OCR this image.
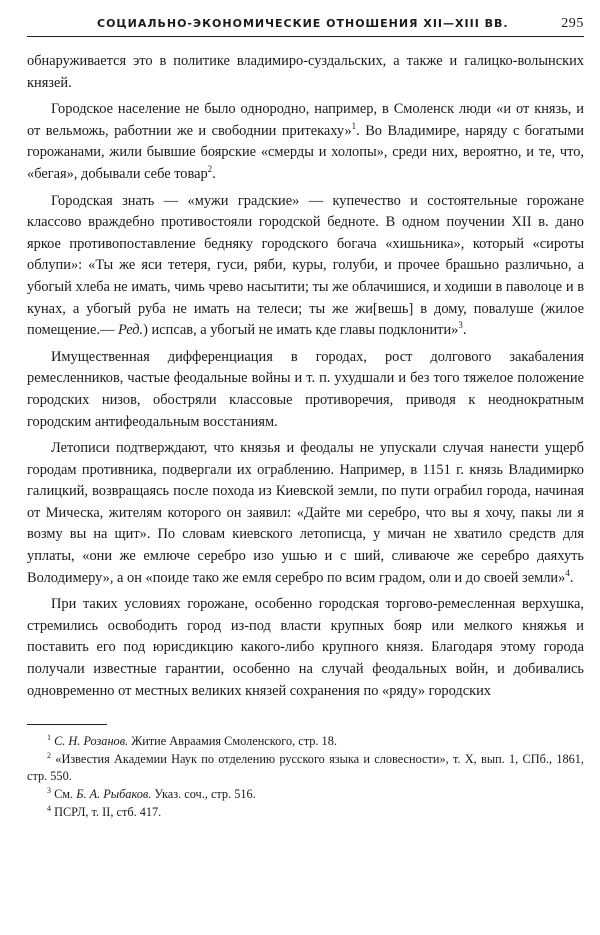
СОЦИАЛЬНО-ЭКОНОМИЧЕСКИЕ ОТНОШЕНИЯ XII—XIII ВВ.	295

обнаруживается это в политике владимиро-суздальских, а также и галицко-волынских князей.

Городское население не было однородно, например, в Смоленск люди «и от князь, и от вельможь, работнии же и свободнии притекаху»$^1$. Во Владимире, наряду с богатыми горожанами, жили бывшие боярские «смерды и холопы», среди них, вероятно, и те, что, «бегая», добывали себе товар$^2$.

Городская знать — «мужи градские» — купечество и состоятельные горожане классово враждебно противостояли городской бедноте. В одном поучении XII в. дано яркое противопоставление бедняку городского богача «хишьника», который «сироты облупи»: «Ты же яси тетеря, гуси, ряби, куры, голуби, и прочее брашьно различьно, а убогый хлеба не имать, чимь чрево насытити; ты же облачишися, и ходиши в паволоце и в кунах, а убогый руба не имать на телеси; ты же жи[вешь] в дому, повалуше (жилое помещение.— Ред.) испсав, а убогый не имать кде главы подклонити»$^3$.

Имущественная дифференциация в городах, рост долгового закабаления ремесленников, частые феодальные войны и т. п. ухудшали и без того тяжелое положение городских низов, обостряли классовые противоречия, приводя к неоднократным городским антифеодальным восстаниям.

Летописи подтверждают, что князья и феодалы не упускали случая нанести ущерб городам противника, подвергали их ограблению. Например, в 1151 г. князь Владимирко галицкий, возвращаясь после похода из Киевской земли, по пути ограбил города, начиная от Мическа, жителям которого он заявил: «Дайте ми серебро, что вы я хочу, пакы ли я возму вы на щит». По словам киевского летописца, у мичан не хватило средств для уплаты, «они же емлюче серебро изо ушью и с ший, сливаюче же серебро даяхуть Володимеру», а он «поиде тако же емля серебро по всим градом, оли и до своей земли»$^4$.

При таких условиях горожане, особенно городская торгово-ремесленная верхушка, стремились освободить город из-под власти крупных бояр или мелкого княжья и поставить его под юрисдикцию какого-либо крупного князя. Благодаря этому города получали известные гарантии, особенно на случай феодальных войн, и добивались одновременно от местных великих князей сохранения по «ряду» городских

$^1$ С. Н. Розанов. Житие Авраамия Смоленского, стр. 18.

$^2$ «Известия Академии Наук по отделению русского языка и словесности», т. X, вып. 1, СПб., 1861, стр. 550.

$^3$ См. Б. А. Рыбаков. Указ. соч., стр. 516.

$^4$ ПСРЛ, т. II, стб. 417.
